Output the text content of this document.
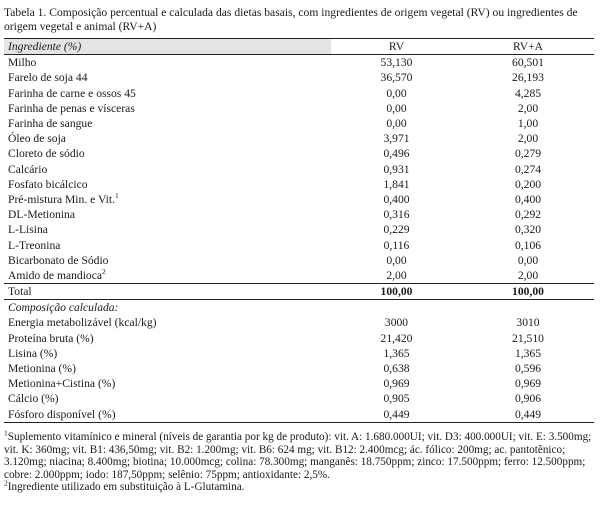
Tabela 1. Composição percentual e calculada das dietas basais, com ingredientes de origem vegetal (RV) ou ingredientes de origem vegetal e animal (RV+A)
Ingrediente (%)	RV	RV+A
Milho	53,130	60,501
Farelo de soja 44	36,570	26,193
Farinha de carne e ossos 45	0,00	4,285
Farinha de penas e vísceras	0,00	2,00
Farinha de sangue	0,00	1,00
Óleo de soja	3,971	2,00
Cloreto de sódio	0,496	0,279
Calcário	0,931	0,274
Fosfato bicálcico	1,841	0,200
Pré-mistura Min. e Vit.$^1$	0,400	0,400
DL-Metionina	0,316	0,292
L-Lisina	0,229	0,320
L-Treonina	0,116	0,106
Bicarbonato de Sódio	0,00	0,00
Amido de mandioca$^2$	2,00	2,00
Total	100,00	100,00
Composição calculada:		
Energia metabolizável (kcal/kg)	3000	3010
Proteína bruta (%)	21,420	21,510
Lisina (%)	1,365	1,365
Metionina (%)	0,638	0,596
Metionina+Cistina (%)	0,969	0,969
Cálcio (%)	0,905	0,906
Fósforo disponível (%)	0,449	0,449
$^1$Suplemento vitamínico e mineral (níveis de garantia por kg de produto): vit. A: 1.680.000UI; vit. D3: 400.000UI; vit. E: 3.500mg; vit. K: 360mg; vit. B1: 436,50mg; vit. B2: 1.200mg; vit. B6: 624 mg; vit. B12: 2.400mcg; ác. fólico: 200mg; ac. pantotênico; 3.120mg; niacina; 8.400mg; biotina; 10.000mcg; colina: 78.300mg; manganês: 18.750ppm; zinco: 17.500ppm; ferro: 12.500ppm; cobre: 2.000ppm; iodo: 187,50ppm; selênio: 75ppm; antioxidante: 2,5%.
$^2$Ingrediente utilizado em substituição à L-Glutamina.
